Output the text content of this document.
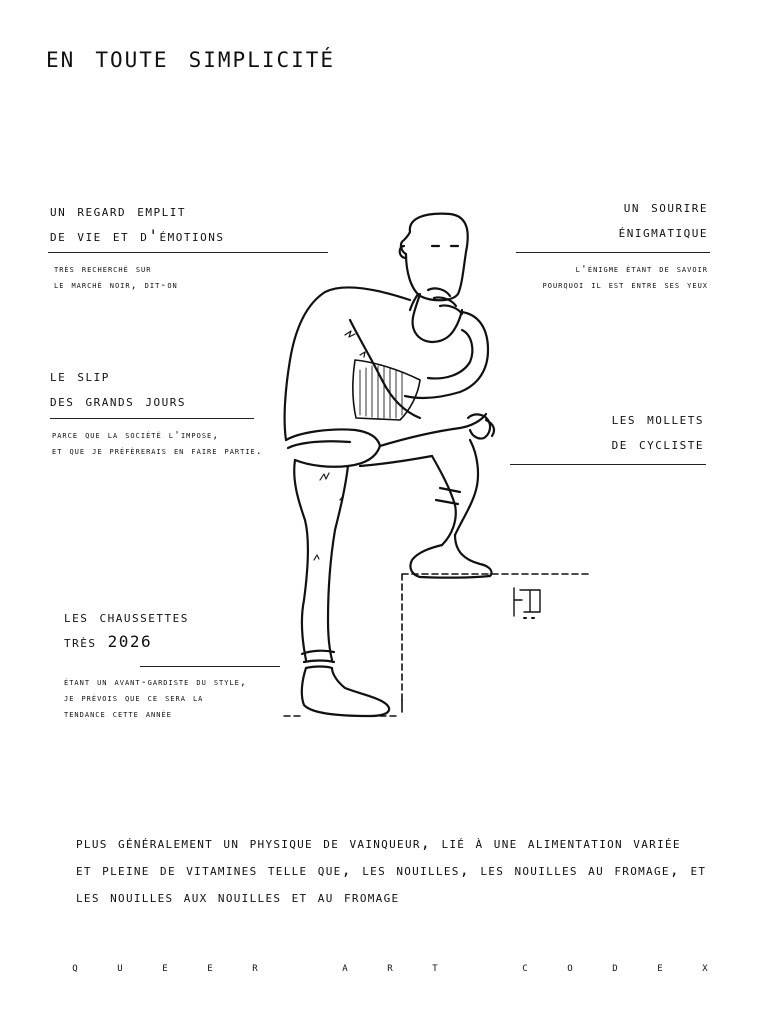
en toute simplicité
un regard emplit
de vie et d'émotions
très recherché sur
le marché noir, dit-on
un sourire
énigmatique
l'énigme étant de savoir
pourquoi il est entre ses yeux
le slip
des grands jours
parce que la société l'impose,
et que je préfèrerais en faire partie.
les mollets
de cycliste
les chaussettes
très 2026
étant un avant-gardiste du style,
je prévois que ce sera la
tendance cette année
plus généralement un physique de vainqueur, lié à une alimentation variée
et pleine de vitamines telle que, les nouilles, les nouilles au fromage, et
les nouilles aux nouilles et au fromage
Q	U	E	E	R	A	R	T	C	O	D	E	X
